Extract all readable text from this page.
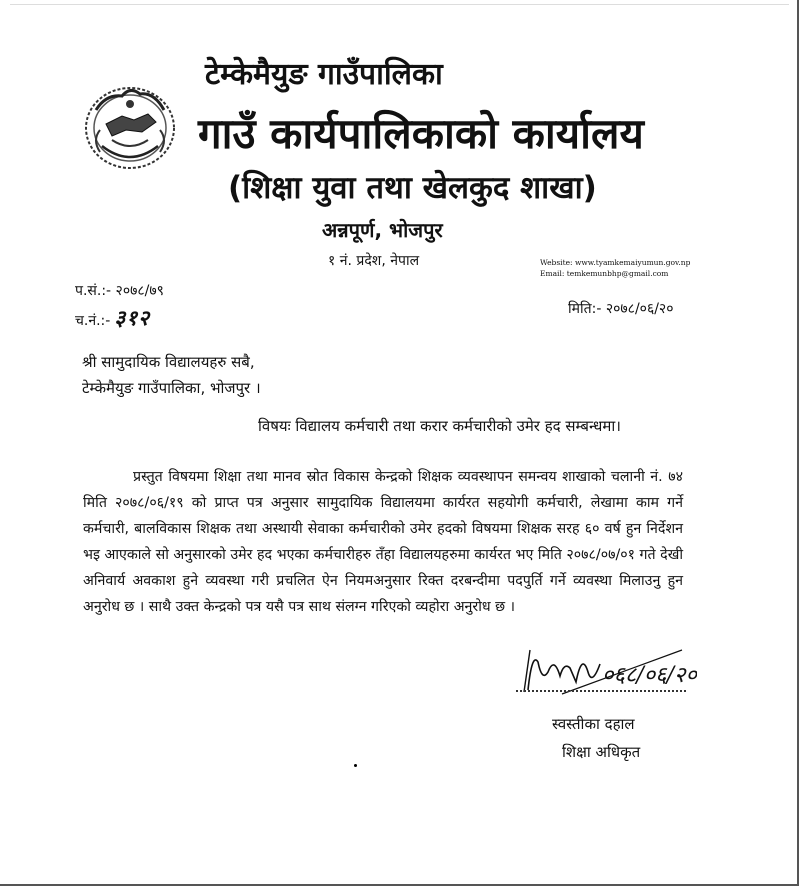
टेम्केमैयुङ गाउँपालिका
गाउँ कार्यपालिकाको कार्यालय
(शिक्षा युवा तथा खेलकुद शाखा)
अन्नपूर्ण, भोजपुर
१ नं. प्रदेश, नेपाल	Website: www.tyamkemaiyumun.gov.np
Email: temkemunbhp@gmail.com
प.सं.:- २०७८/७९
च.नं.:- ३१२	मिति:- २०७८/०६/२०
श्री सामुदायिक विद्यालयहरु सबै,
टेम्केमैयुङ गाउँपालिका, भोजपुर ।
विषयः विद्यालय कर्मचारी तथा करार कर्मचारीको उमेर हद सम्बन्धमा।
प्रस्तुत विषयमा शिक्षा तथा मानव स्रोत विकास केन्द्रको शिक्षक व्यवस्थापन समन्वय शाखाको चलानी नं. ७४ मिति २०७८/०६/१९ को प्राप्त पत्र अनुसार सामुदायिक विद्यालयमा कार्यरत सहयोगी कर्मचारी, लेखामा काम गर्ने कर्मचारी, बालविकास शिक्षक तथा अस्थायी सेवाका कर्मचारीको उमेर हदको विषयमा शिक्षक सरह ६० वर्ष हुन निर्देशन भइ आएकाले सो अनुसारको उमेर हद भएका कर्मचारीहरु तँहा विद्यालयहरुमा कार्यरत भए मिति २०७८/०७/०१ गते देखी अनिवार्य अवकाश हुने व्यवस्था गरी प्रचलित ऐन नियमअनुसार रिक्त दरबन्दीमा पदपुर्ति गर्ने व्यवस्था मिलाउनु हुन अनुरोध छ । साथै उक्त केन्द्रको पत्र यसै पत्र साथ संलग्न गरिएको व्यहोरा अनुरोध छ ।
०६८/०६/२०
स्वस्तीका दहाल
शिक्षा अधिकृत
